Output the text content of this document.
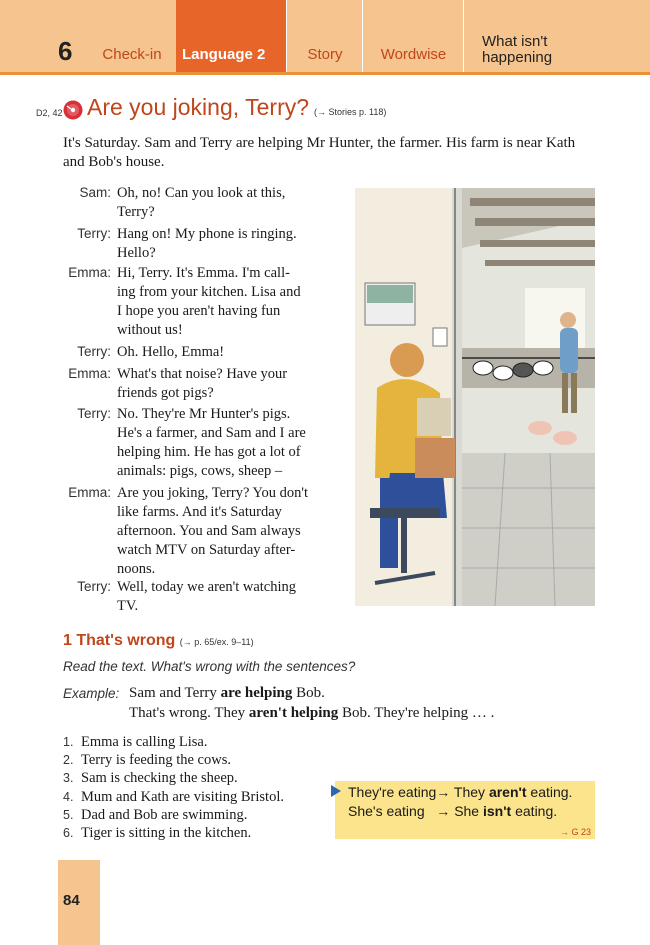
6	Check-in	Language 2	Story	Wordwise
What isn't
happening
D2, 42 Are you joking, Terry? (→ Stories p. 118)
It's Saturday. Sam and Terry are helping Mr Hunter, the farmer. His farm is near Kath and Bob's house.
Sam: Oh, no! Can you look at this,
Terry?
Terry: Hang on! My phone is ringing.
Hello?
Emma: Hi, Terry. It's Emma. I'm call-
ing from your kitchen. Lisa and
I hope you aren't having fun
without us!
Terry: Oh. Hello, Emma!
Emma: What's that noise? Have your
friends got pigs?
Terry: No. They're Mr Hunter's pigs.
He's a farmer, and Sam and I are
helping him. He has got a lot of
animals: pigs, cows, sheep –
Emma: Are you joking, Terry? You don't
like farms. And it's Saturday
afternoon. You and Sam always
watch MTV on Saturday after-
noons.
Terry: Well, today we aren't watching
TV.
1 That's wrong (→ p. 65/ex. 9–11)
Read the text. What's wrong with the sentences?
Example: Sam and Terry are helping Bob.
That's wrong. They aren't helping Bob. They're helping … .
1. Emma is calling Lisa.
2. Terry is feeding the cows.
3. Sam is checking the sheep.
4. Mum and Kath are visiting Bristol.
5. Dad and Bob are swimming.
6. Tiger is sitting in the kitchen.
They're eating→ They aren't eating.
She's eating   → She isn't eating.
→ G 23
84
